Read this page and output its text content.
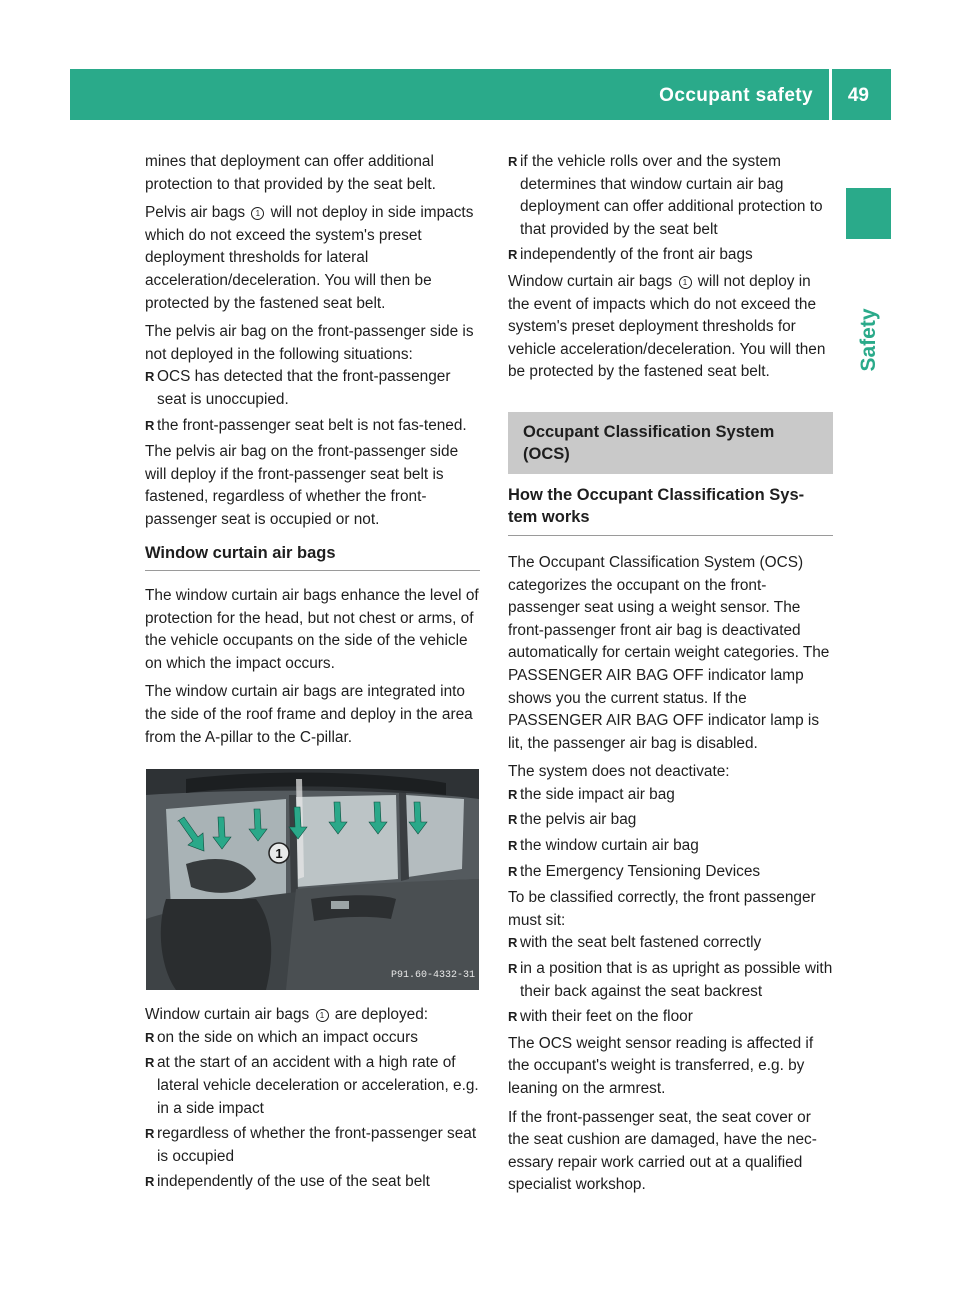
Occupant safety 49
Safety

mines that deployment can offer additional protection to that provided by the seat belt.

Pelvis air bags 1 will not deploy in side impacts which do not exceed the system's preset deployment thresholds for lateral acceleration/deceleration. You will then be protected by the fastened seat belt.

The pelvis air bag on the front-passenger side is not deployed in the following situations:

R OCS has detected that the front-passenger seat is unoccupied.
R the front-passenger seat belt is not fas-tened.

The pelvis air bag on the front-passenger side will deploy if the front-passenger seat belt is fastened, regardless of whether the front-passenger seat is occupied or not.

Window curtain air bags

The window curtain air bags enhance the level of protection for the head, but not chest or arms, of the vehicle occupants on the side of the vehicle on which the impact occurs.

The window curtain air bags are integrated into the side of the roof frame and deploy in the area from the A-pillar to the C-pillar.

1
P91.60-4332-31

Window curtain air bags 1 are deployed:

R on the side on which an impact occurs
R at the start of an accident with a high rate of lateral vehicle deceleration or acceleration, e.g. in a side impact
R regardless of whether the front-passenger seat is occupied
R independently of the use of the seat belt
R if the vehicle rolls over and the system determines that window curtain air bag deployment can offer additional protection to that provided by the seat belt
R independently of the front air bags

Window curtain air bags 1 will not deploy in the event of impacts which do not exceed the system's preset deployment thresholds for vehicle acceleration/deceleration. You will then be protected by the fastened seat belt.

Occupant Classification System (OCS)
How the Occupant Classification Sys-tem works

The Occupant Classification System (OCS) categorizes the occupant on the front-passenger seat using a weight sensor. The front-passenger front air bag is deactivated automatically for certain weight categories. The PASSENGER AIR BAG OFF indicator lamp shows you the current status. If the PASSENGER AIR BAG OFF indicator lamp is lit, the passenger air bag is disabled.

The system does not deactivate:

R the side impact air bag
R the pelvis air bag
R the window curtain air bag
R the Emergency Tensioning Devices

To be classified correctly, the front passenger must sit:

R with the seat belt fastened correctly
R in a position that is as upright as possible with their back against the seat backrest
R with their feet on the floor

The OCS weight sensor reading is affected if the occupant's weight is transferred, e.g. by leaning on the armrest.

If the front-passenger seat, the seat cover or the seat cushion are damaged, have the nec-essary repair work carried out at a qualified specialist workshop.
